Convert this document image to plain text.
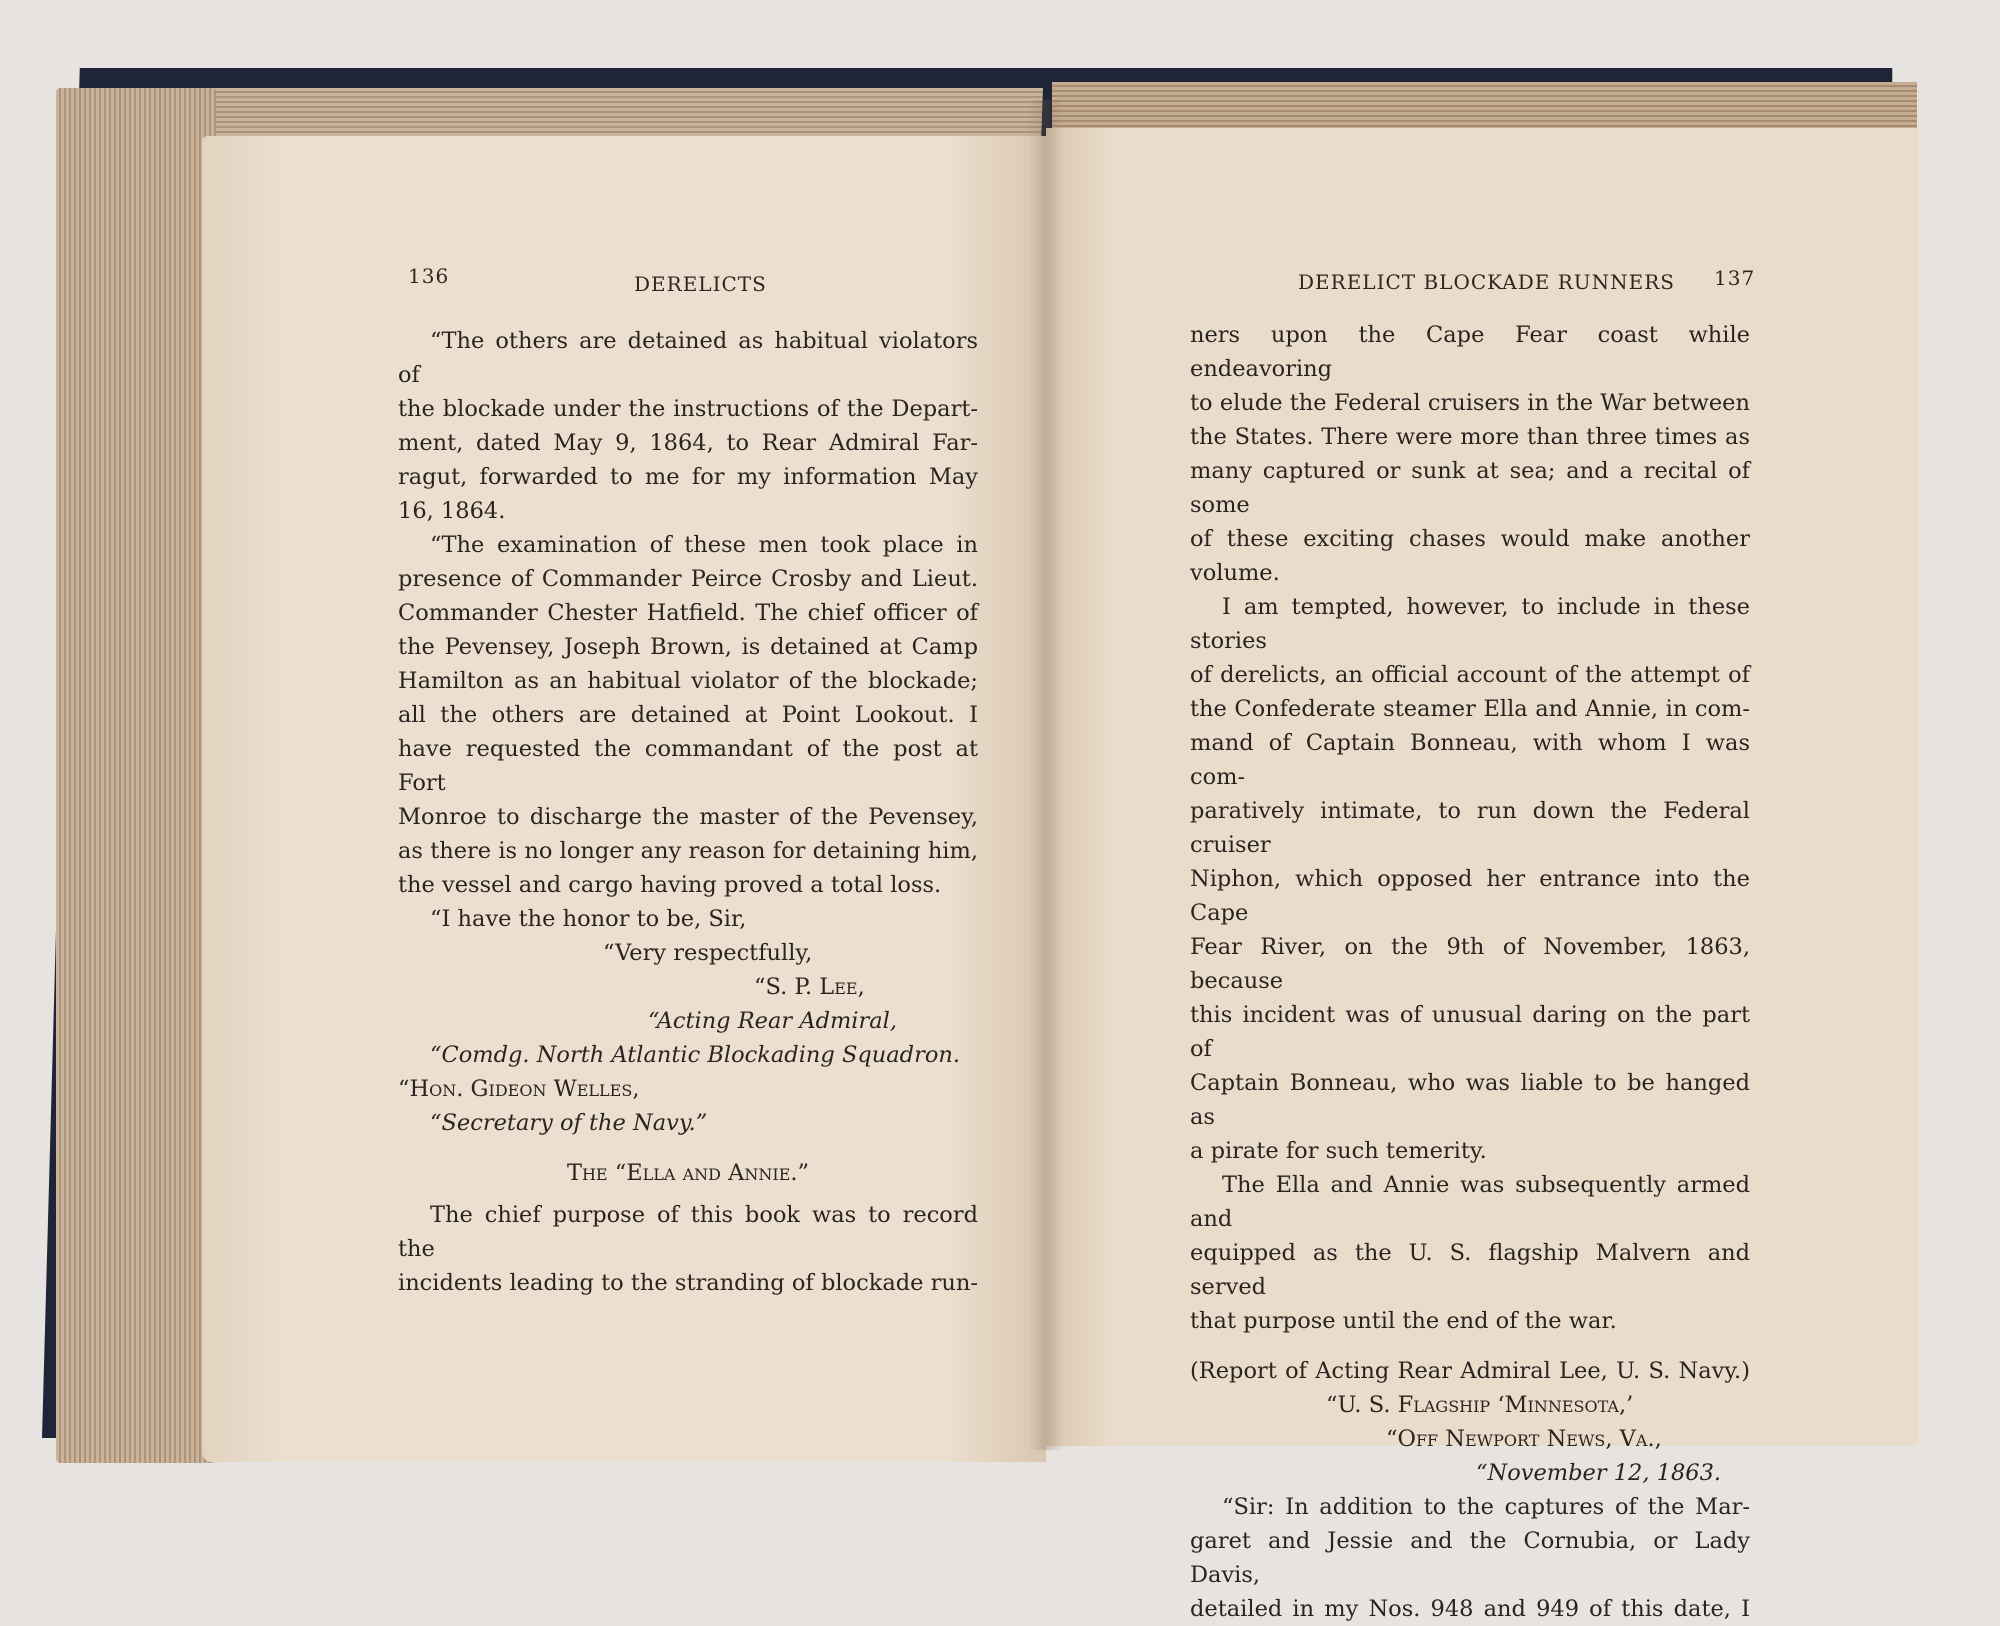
136	DERELICTS

“The others are detained as habitual violators of

the blockade under the instructions of the Depart-

ment, dated May 9, 1864, to Rear Admiral Far-

ragut, forwarded to me for my information May

16, 1864.

“The examination of these men took place in

presence of Commander Peirce Crosby and Lieut.

Commander Chester Hatfield. The chief officer of

the Pevensey, Joseph Brown, is detained at Camp

Hamilton as an habitual violator of the blockade;

all the others are detained at Point Lookout. I

have requested the commandant of the post at Fort

Monroe to discharge the master of the Pevensey,

as there is no longer any reason for detaining him,

the vessel and cargo having proved a total loss.

“I have the honor to be, Sir,

“Very respectfully,

“S. P. Lee,

“Acting Rear Admiral,

“Comdg. North Atlantic Blockading Squadron.

“Hon. Gideon Welles,

“Secretary of the Navy.”

The “Ella and Annie.”

The chief purpose of this book was to record the

incidents leading to the stranding of blockade run-

DERELICT BLOCKADE RUNNERS 137

ners upon the Cape Fear coast while endeavoring

to elude the Federal cruisers in the War between

the States. There were more than three times as

many captured or sunk at sea; and a recital of some

of these exciting chases would make another volume.

I am tempted, however, to include in these stories

of derelicts, an official account of the attempt of

the Confederate steamer Ella and Annie, in com-

mand of Captain Bonneau, with whom I was com-

paratively intimate, to run down the Federal cruiser

Niphon, which opposed her entrance into the Cape

Fear River, on the 9th of November, 1863, because

this incident was of unusual daring on the part of

Captain Bonneau, who was liable to be hanged as

a pirate for such temerity.

The Ella and Annie was subsequently armed and

equipped as the U. S. flagship Malvern and served

that purpose until the end of the war.

(Report of Acting Rear Admiral Lee, U. S. Navy.)

“U. S. Flagship ‘Minnesota,’

“Off Newport News, Va.,

“November 12, 1863.

“Sir: In addition to the captures of the Mar-

garet and Jessie and the Cornubia, or Lady Davis,

detailed in my Nos. 948 and 949 of this date, I
